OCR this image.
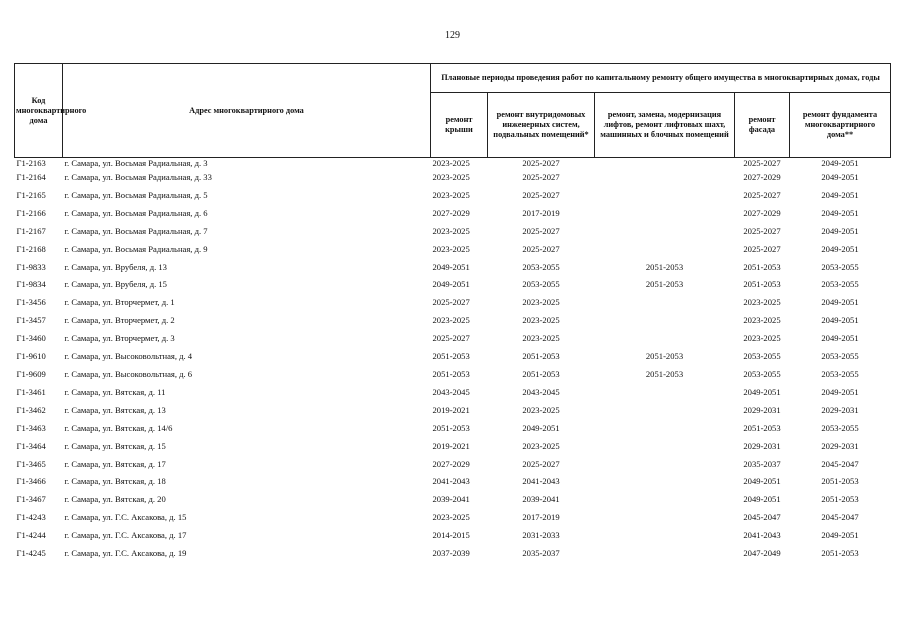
129
Код многоквартирного дома	Адрес многоквартирного дома	Плановые периоды проведения работ по капитальному ремонту общего имущества в многоквартирных домах, годы				
		ремонт крыши	ремонт внутридомовых инженерных систем, подвальных помещений*	ремонт, замена, модернизация лифтов, ремонт лифтовых шахт, машинных и блочных помещений	ремонт фасада	ремонт фундамента многоквартирного дома**
Г1-2163	г. Самара, ул. Восьмая Радиальная, д. 3	2023-2025	2025-2027		2025-2027	2049-2051
Г1-2164	г. Самара, ул. Восьмая Радиальная, д. 33	2023-2025	2025-2027		2027-2029	2049-2051
Г1-2165	г. Самара, ул. Восьмая Радиальная, д. 5	2023-2025	2025-2027		2025-2027	2049-2051
Г1-2166	г. Самара, ул. Восьмая Радиальная, д. 6	2027-2029	2017-2019		2027-2029	2049-2051
Г1-2167	г. Самара, ул. Восьмая Радиальная, д. 7	2023-2025	2025-2027		2025-2027	2049-2051
Г1-2168	г. Самара, ул. Восьмая Радиальная, д. 9	2023-2025	2025-2027		2025-2027	2049-2051
Г1-9833	г. Самара, ул. Врубеля, д. 13	2049-2051	2053-2055	2051-2053	2051-2053	2053-2055
Г1-9834	г. Самара, ул. Врубеля, д. 15	2049-2051	2053-2055	2051-2053	2051-2053	2053-2055
Г1-3456	г. Самара, ул. Вторчермет, д. 1	2025-2027	2023-2025		2023-2025	2049-2051
Г1-3457	г. Самара, ул. Вторчермет, д. 2	2023-2025	2023-2025		2023-2025	2049-2051
Г1-3460	г. Самара, ул. Вторчермет, д. 3	2025-2027	2023-2025		2023-2025	2049-2051
Г1-9610	г. Самара, ул. Высоковольтная, д. 4	2051-2053	2051-2053	2051-2053	2053-2055	2053-2055
Г1-9609	г. Самара, ул. Высоковольтная, д. 6	2051-2053	2051-2053	2051-2053	2053-2055	2053-2055
Г1-3461	г. Самара, ул. Вятская, д. 11	2043-2045	2043-2045		2049-2051	2049-2051
Г1-3462	г. Самара, ул. Вятская, д. 13	2019-2021	2023-2025		2029-2031	2029-2031
Г1-3463	г. Самара, ул. Вятская, д. 14/6	2051-2053	2049-2051		2051-2053	2053-2055
Г1-3464	г. Самара, ул. Вятская, д. 15	2019-2021	2023-2025		2029-2031	2029-2031
Г1-3465	г. Самара, ул. Вятская, д. 17	2027-2029	2025-2027		2035-2037	2045-2047
Г1-3466	г. Самара, ул. Вятская, д. 18	2041-2043	2041-2043		2049-2051	2051-2053
Г1-3467	г. Самара, ул. Вятская, д. 20	2039-2041	2039-2041		2049-2051	2051-2053
Г1-4243	г. Самара, ул. Г.С. Аксакова, д. 15	2023-2025	2017-2019		2045-2047	2045-2047
Г1-4244	г. Самара, ул. Г.С. Аксакова, д. 17	2014-2015	2031-2033		2041-2043	2049-2051
Г1-4245	г. Самара, ул. Г.С. Аксакова, д. 19	2037-2039	2035-2037		2047-2049	2051-2053
